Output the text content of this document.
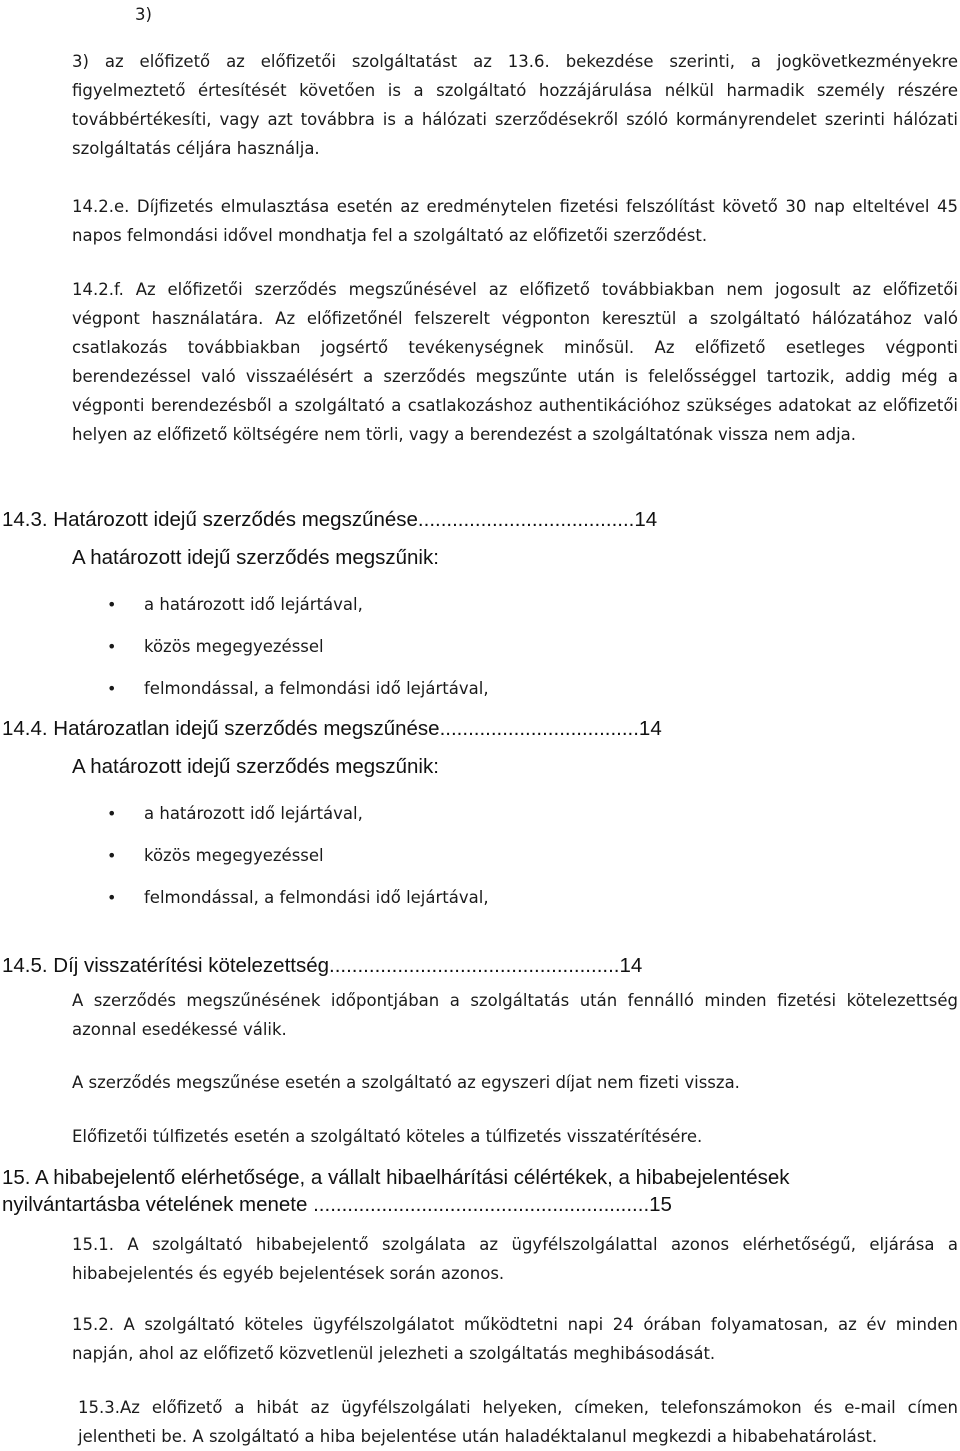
3)

3) az előfizető az előfizetői szolgáltatást az 13.6. bekezdése szerinti, a jogkövetkezményekre figyelmeztető értesítését követően is a szolgáltató hozzájárulása nélkül harmadik személy részére továbbértékesíti, vagy azt továbbra is a hálózati szerződésekről szóló kormányrendelet szerinti hálózati szolgáltatás céljára használja.

14.2.e. Díjfizetés elmulasztása esetén az eredménytelen fizetési felszólítást követő 30 nap elteltével 45 napos felmondási idővel mondhatja fel a szolgáltató az előfizetői szerződést.

14.2.f. Az előfizetői szerződés megszűnésével az előfizető továbbiakban nem jogosult az előfizetői végpont használatára. Az előfizetőnél felszerelt végponton keresztül a szolgáltató hálózatához való csatlakozás továbbiakban jogsértő tevékenységnek minősül. Az előfizető esetleges végponti berendezéssel való visszaélésért a szerződés megszűnte után is felelősséggel tartozik, addig még a végponti berendezésből a szolgáltató a csatlakozáshoz authentikációhoz szükséges adatokat az előfizetői helyen az előfizető költségére nem törli, vagy a berendezést a szolgáltatónak vissza nem adja.

14.3. Határozott idejű szerződés megszűnése......................................14
A határozott idejű szerződés megszűnik:
• a határozott idő lejártával,
• közös megegyezéssel
• felmondással, a felmondási idő lejártával,
14.4. Határozatlan idejű szerződés megszűnése...................................14
A határozott idejű szerződés megszűnik:
• a határozott idő lejártával,
• közös megegyezéssel
• felmondással, a felmondási idő lejártával,
14.5. Díj visszatérítési kötelezettség...................................................14

A szerződés megszűnésének időpontjában a szolgáltatás után fennálló minden fizetési kötelezettség azonnal esedékessé válik.

A szerződés megszűnése esetén a szolgáltató az egyszeri díjat nem fizeti vissza.

Előfizetői túlfizetés esetén a szolgáltató köteles a túlfizetés visszatérítésére.

15. A hibabejelentő elérhetősége, a vállalt hibaelhárítási célértékek, a hibabejelentések nyilvántartásba vételének menete ...........................................................15

15.1. A szolgáltató hibabejelentő szolgálata az ügyfélszolgálattal azonos elérhetőségű, eljárása a hibabejelentés és egyéb bejelentések során azonos.

15.2. A szolgáltató köteles ügyfélszolgálatot működtetni napi 24 órában folyamatosan, az év minden napján, ahol az előfizető közvetlenül jelezheti a szolgáltatás meghibásodását.

15.3.Az előfizető a hibát az ügyfélszolgálati helyeken, címeken, telefonszámokon és e-mail címen jelentheti be. A szolgáltató a hiba bejelentése után haladéktalanul megkezdi a hibabehatárolást.
